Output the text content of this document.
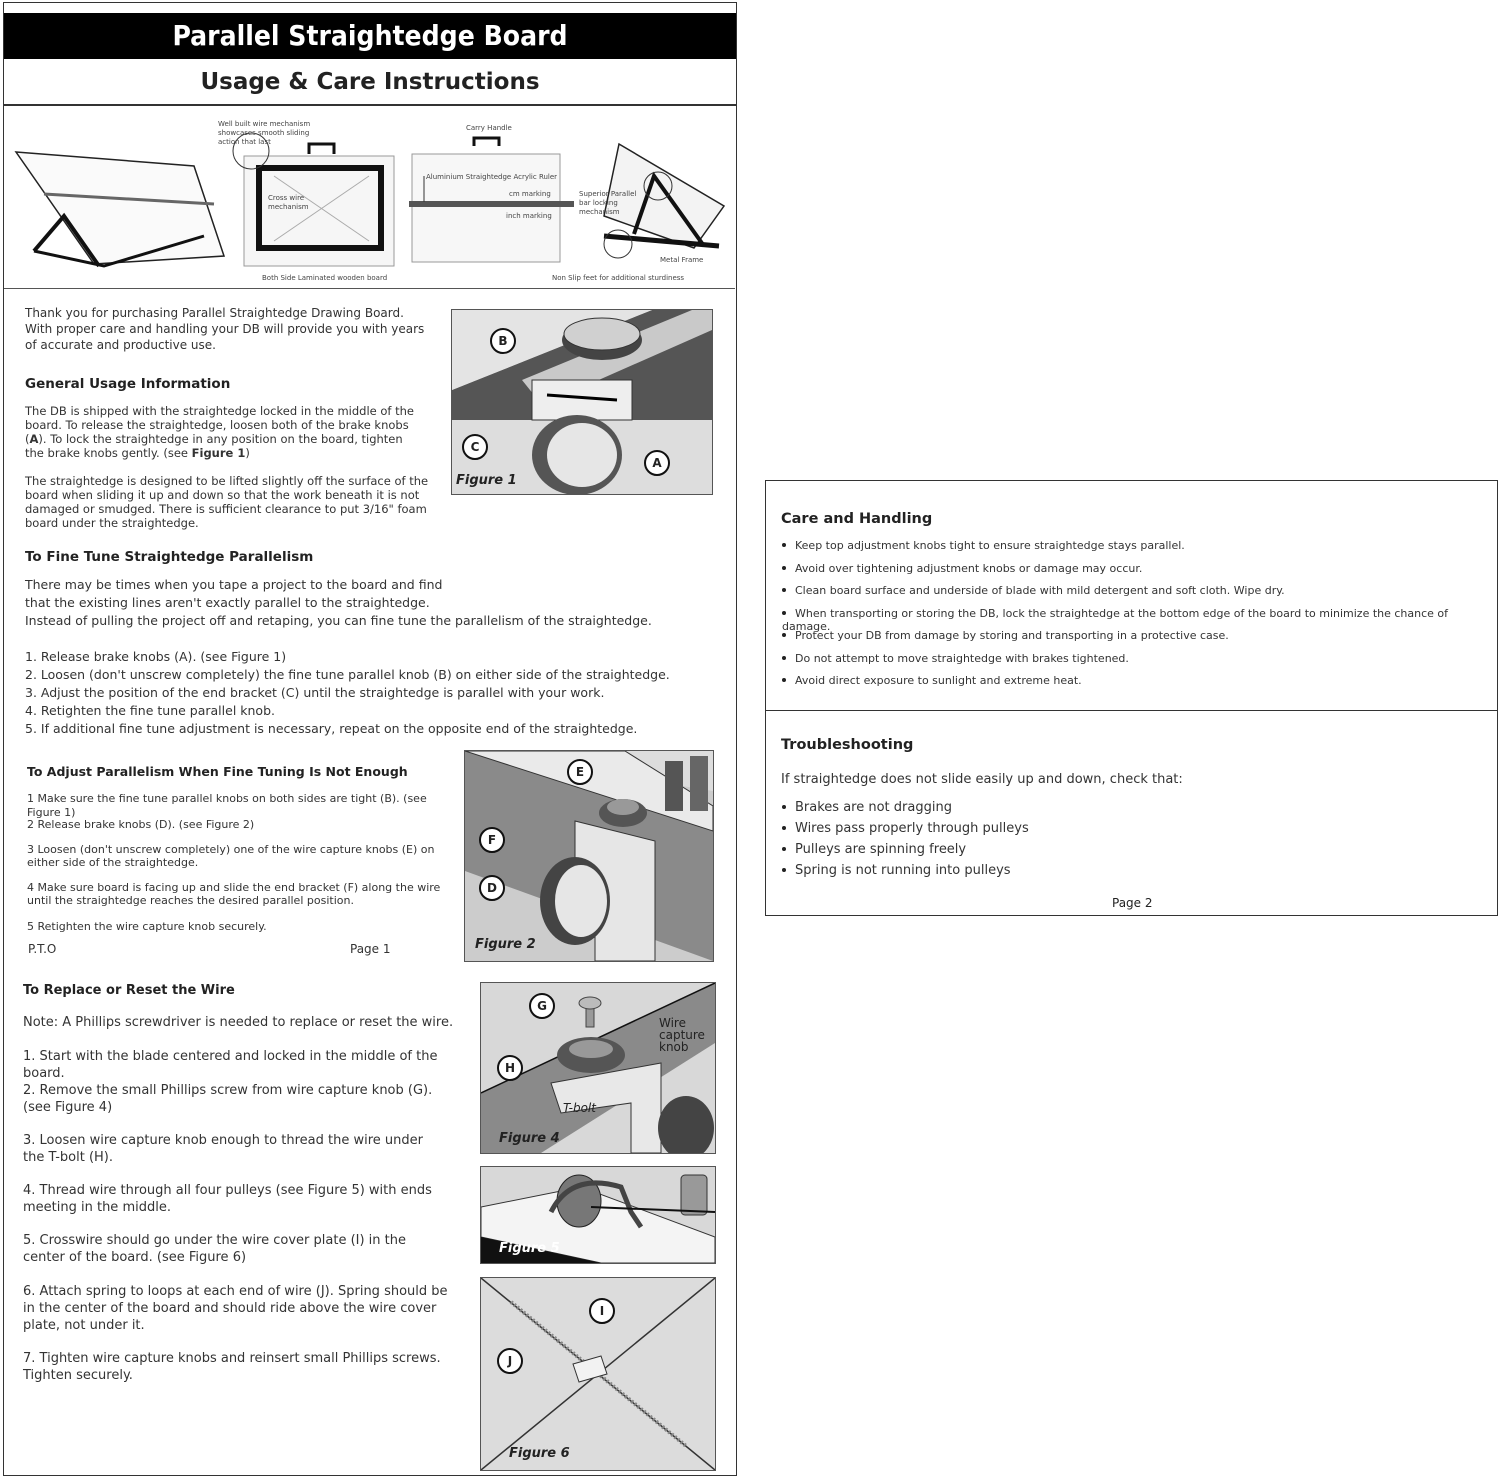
Parallel Straightedge Board
Usage & Care Instructions
Well built wire mechanism showcases smooth sliding action that last
Cross wire mechanism
Both Side Laminated wooden board
Carry Handle
Aluminium Straightedge Acrylic Ruler
cm marking
inch marking
Superior Parallel bar locking mechanism
Metal Frame
Non Slip feet for additional sturdiness
Thank you for purchasing Parallel Straightedge Drawing Board. With proper care and handling your DB will provide you with years of accurate and productive use.
General Usage Information
The DB is shipped with the straightedge locked in the middle of the board. To release the straightedge, loosen both of the brake knobs (A). To lock the straightedge in any position on the board, tighten the brake knobs gently. (see Figure 1)
The straightedge is designed to be lifted slightly off the surface of the board when sliding it up and down so that the work beneath it is not damaged or smudged. There is sufficient clearance to put 3/16" foam board under the straightedge.
B
C
A
Figure 1
To Fine Tune Straightedge Parallelism
There may be times when you tape a project to the board and find
that the existing lines aren't exactly parallel to the straightedge.
Instead of pulling the project off and retaping, you can fine tune the parallelism of the straightedge.
1. Release brake knobs (A). (see Figure 1)
2. Loosen (don't unscrew completely) the fine tune parallel knob (B) on either side of the straightedge.
3. Adjust the position of the end bracket (C) until the straightedge is parallel with your work.
4. Retighten the fine tune parallel knob.
5. If additional fine tune adjustment is necessary, repeat on the opposite end of the straightedge.
To Adjust Parallelism When Fine Tuning Is Not Enough
1 Make sure the fine tune parallel knobs on both sides are tight (B). (see Figure 1)
2 Release brake knobs (D). (see Figure 2)
3 Loosen (don't unscrew completely) one of the wire capture knobs (E) on either side of the straightedge.
4 Make sure board is facing up and slide the end bracket (F) along the wire until the straightedge reaches the desired parallel position.
5 Retighten the wire capture knob securely.
P.T.O	Page 1
E
F
D
Figure 2
To Replace or Reset the Wire
Note: A Phillips screwdriver is needed to replace or reset the wire.
1. Start with the blade centered and locked in the middle of the board.
2. Remove the small Phillips screw from wire capture knob (G). (see Figure 4)
3. Loosen wire capture knob enough to thread the wire under the T-bolt (H).
4. Thread wire through all four pulleys (see Figure 5) with ends meeting in the middle.
5. Crosswire should go under the wire cover plate (I) in the center of the board. (see Figure 6)
6. Attach spring to loops at each end of wire (J). Spring should be in the center of the board and should ride above the wire cover plate, not under it.
7. Tighten wire capture knobs and reinsert small Phillips screws. Tighten securely.
G
H
Wire
capture
knob
T-bolt
Figure 4
Figure 5
I
J
Figure 6
Care and Handling
Keep top adjustment knobs tight to ensure straightedge stays parallel.
Avoid over tightening adjustment knobs or damage may occur.
Clean board surface and underside of blade with mild detergent and soft cloth. Wipe dry.
When transporting or storing the DB, lock the straightedge at the bottom edge of the board to minimize the chance of damage.
Protect your DB from damage by storing and transporting in a protective case.
Do not attempt to move straightedge with brakes tightened.
Avoid direct exposure to sunlight and extreme heat.
Troubleshooting
If straightedge does not slide easily up and down, check that:
Brakes are not dragging
Wires pass properly through pulleys
Pulleys are spinning freely
Spring is not running into pulleys
Page 2
